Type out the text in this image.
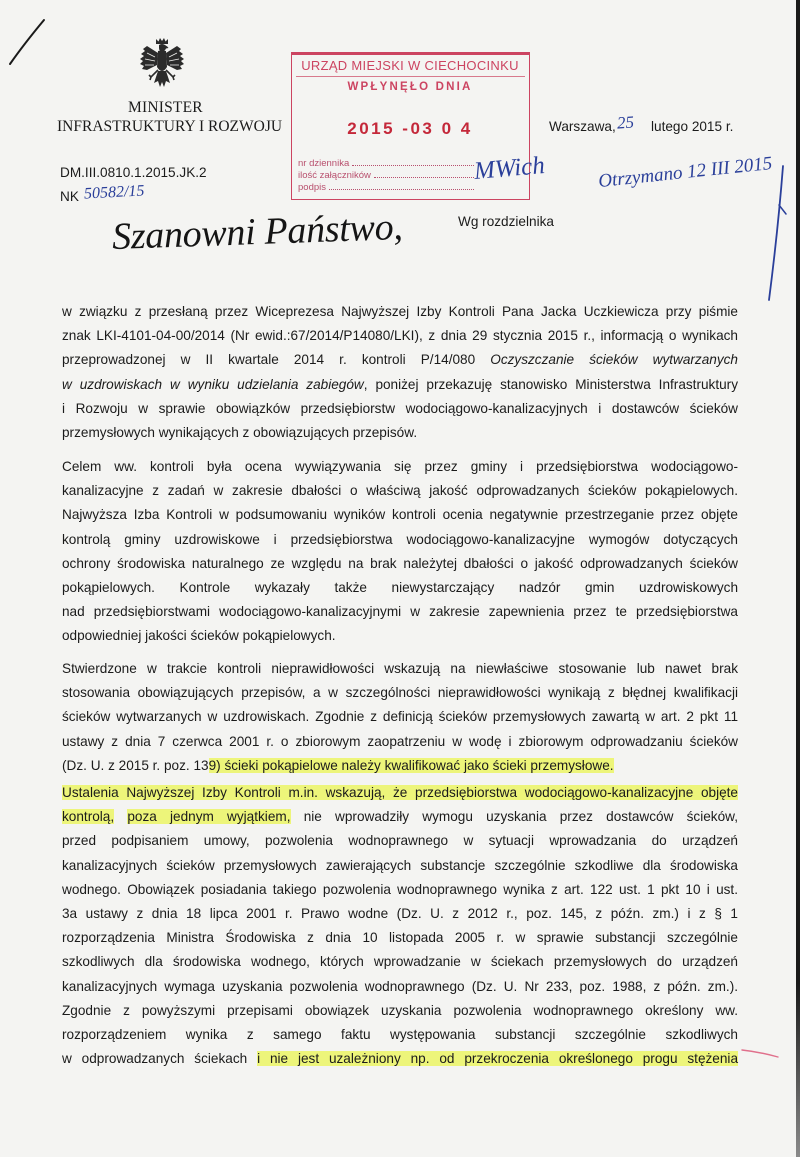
MINISTER
INFRASTRUKTURY I ROZWOJU
URZĄD MIEJSKI W CIECHOCINKU
WPŁYNĘŁO DNIA
2015 -03 0 4
nr dziennika
ilość załączników
podpis
Warszawa, 25 lutego 2015 r.
DM.III.0810.1.2015.JK.2
NK 50582/15
Wg rozdzielnika
MWich	Otrzymano 12 III 2015
Szanowni Państwo,
w związku z przesłaną przez Wiceprezesa Najwyższej Izby Kontroli Pana Jacka Uczkiewicza przy piśmie
znak LKI-4101-04-00/2014 (Nr ewid.:67/2014/P14080/LKI), z dnia 29 stycznia 2015 r., informacją o wynikach
przeprowadzonej w II kwartale 2014 r. kontroli P/14/080 Oczyszczanie ścieków wytwarzanych
w uzdrowiskach w wyniku udzielania zabiegów, poniżej przekazuję stanowisko Ministerstwa Infrastruktury
i Rozwoju w sprawie obowiązków przedsiębiorstw wodociągowo-kanalizacyjnych i dostawców ścieków
przemysłowych wynikających z obowiązujących przepisów.
Celem ww. kontroli była ocena wywiązywania się przez gminy i przedsiębiorstwa wodociągowo-
kanalizacyjne z zadań w zakresie dbałości o właściwą jakość odprowadzanych ścieków pokąpielowych.
Najwyższa Izba Kontroli w podsumowaniu wyników kontroli ocenia negatywnie przestrzeganie przez objęte
kontrolą gminy uzdrowiskowe i przedsiębiorstwa wodociągowo-kanalizacyjne wymogów dotyczących
ochrony środowiska naturalnego ze względu na brak należytej dbałości o jakość odprowadzanych ścieków
pokąpielowych. Kontrole wykazały także niewystarczający nadzór gmin uzdrowiskowych
nad przedsiębiorstwami wodociągowo-kanalizacyjnymi w zakresie zapewnienia przez te przedsiębiorstwa
odpowiedniej jakości ścieków pokąpielowych.
Stwierdzone w trakcie kontroli nieprawidłowości wskazują na niewłaściwe stosowanie lub nawet brak
stosowania obowiązujących przepisów, a w szczególności nieprawidłowości wynikają z błędnej kwalifikacji
ścieków wytwarzanych w uzdrowiskach. Zgodnie z definicją ścieków przemysłowych zawartą w art. 2 pkt 11
ustawy z dnia 7 czerwca 2001 r. o zbiorowym zaopatrzeniu w wodę i zbiorowym odprowadzaniu ścieków
(Dz. U. z 2015 r. poz. 139) ścieki pokąpielowe należy kwalifikować jako ścieki przemysłowe.
Ustalenia Najwyższej Izby Kontroli m.in. wskazują, że przedsiębiorstwa wodociągowo-kanalizacyjne objęte
kontrolą, poza jednym wyjątkiem, nie wprowadziły wymogu uzyskania przez dostawców ścieków,
przed podpisaniem umowy, pozwolenia wodnoprawnego w sytuacji wprowadzania do urządzeń
kanalizacyjnych ścieków przemysłowych zawierających substancje szczególnie szkodliwe dla środowiska
wodnego. Obowiązek posiadania takiego pozwolenia wodnoprawnego wynika z art. 122 ust. 1 pkt 10 i ust.
3a ustawy z dnia 18 lipca 2001 r. Prawo wodne (Dz. U. z 2012 r., poz. 145, z późn. zm.) i z § 1
rozporządzenia Ministra Środowiska z dnia 10 listopada 2005 r. w sprawie substancji szczególnie
szkodliwych dla środowiska wodnego, których wprowadzanie w ściekach przemysłowych do urządzeń
kanalizacyjnych wymaga uzyskania pozwolenia wodnoprawnego (Dz. U. Nr 233, poz. 1988, z późn. zm.).
Zgodnie z powyższymi przepisami obowiązek uzyskania pozwolenia wodnoprawnego określony ww.
rozporządzeniem wynika z samego faktu występowania substancji szczególnie szkodliwych
w odprowadzanych ściekach i nie jest uzależniony np. od przekroczenia określonego progu stężenia
